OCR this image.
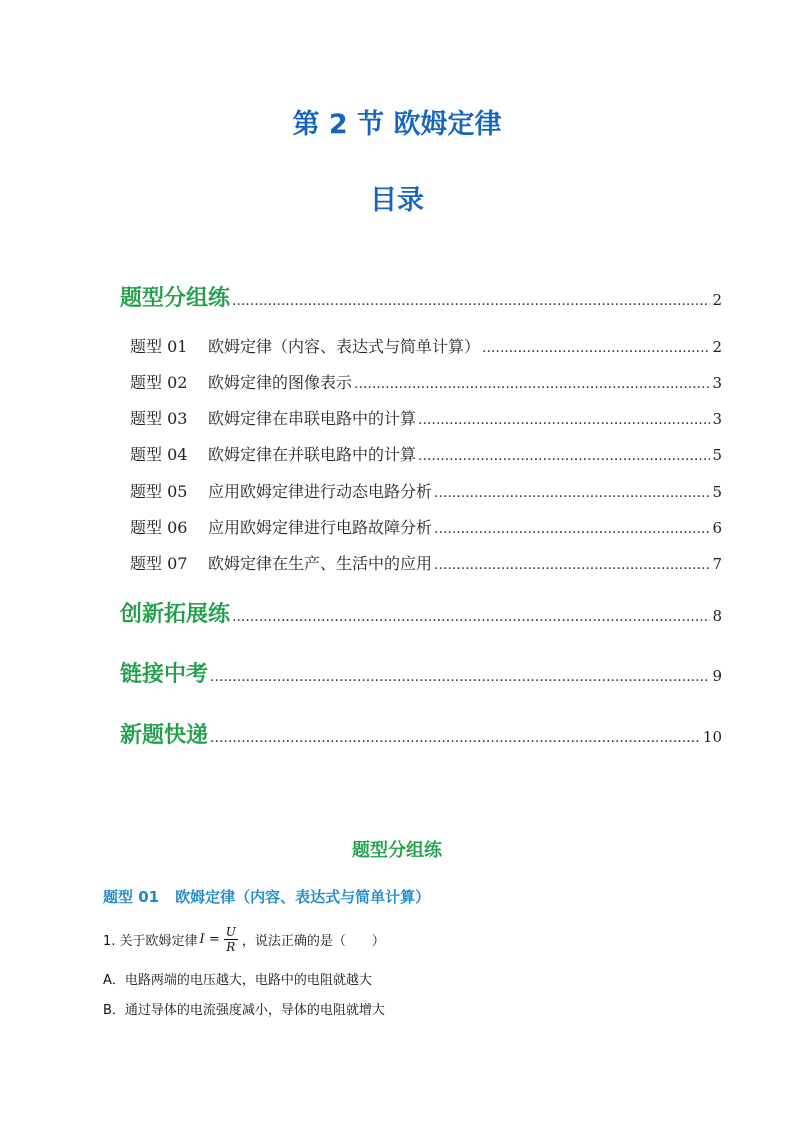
第 2 节 欧姆定律
目录
题型分组练 .....	2
题型 01	欧姆定律（内容、表达式与简单计算） .....	2
题型 02	欧姆定律的图像表示 .....	3
题型 03	欧姆定律在串联电路中的计算 .....	3
题型 04	欧姆定律在并联电路中的计算 .....	5
题型 05	应用欧姆定律进行动态电路分析 .....	5
题型 06	应用欧姆定律进行电路故障分析 .....	6
题型 07	欧姆定律在生产、生活中的应用 .....	7
创新拓展练 .....	8
链接中考 .....	9
新题快递 .....	10
题型分组练
题型 01 欧姆定律（内容、表达式与简单计算）
1. 关于欧姆定律 $I = \frac{U}{R}$ ，说法正确的是（　　）
A．电路两端的电压越大，电路中的电阻就越大
B．通过导体的电流强度减小，导体的电阻就增大
